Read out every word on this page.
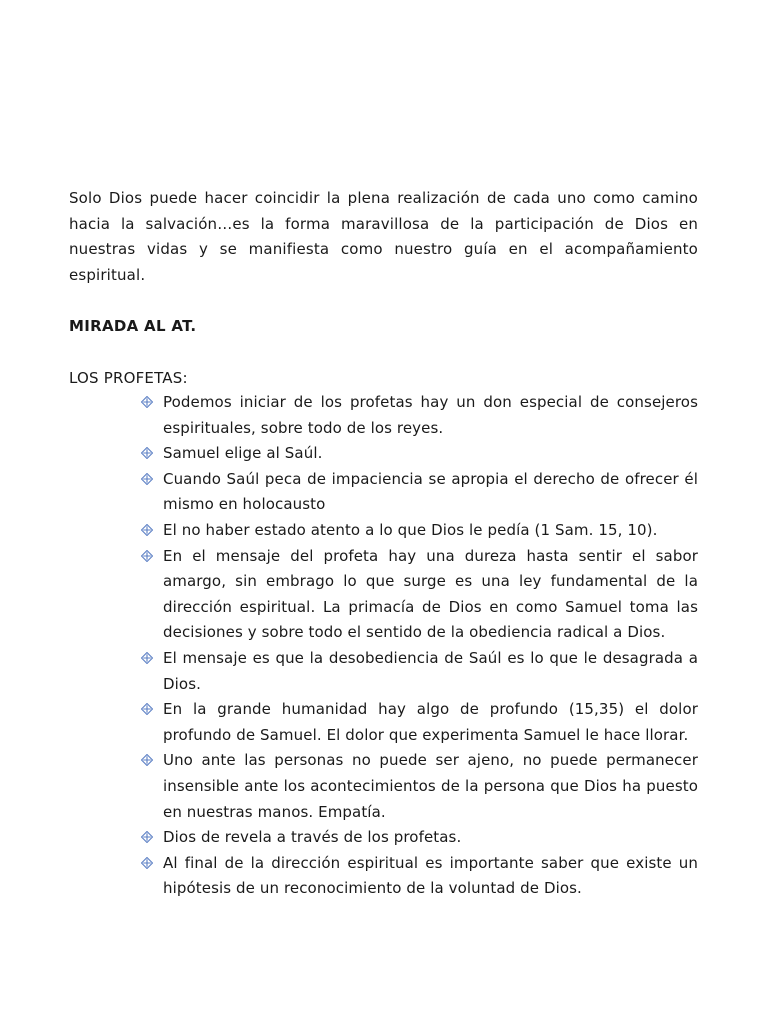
Solo Dios puede hacer coincidir la plena realización de cada uno como camino hacia la salvación…es la forma maravillosa de la participación de Dios en nuestras vidas y se manifiesta como nuestro guía en el acompañamiento espiritual.

MIRADA AL AT.

LOS PROFETAS:

Podemos iniciar de los profetas hay un don especial de consejeros espirituales, sobre todo de los reyes.
Samuel elige al Saúl.
Cuando Saúl peca de impaciencia se apropia el derecho de ofrecer él mismo en holocausto
El no haber estado atento a lo que Dios le pedía (1 Sam. 15, 10).
En el mensaje del profeta hay una dureza hasta sentir el sabor amargo, sin embrago lo que surge es una ley fundamental de la dirección espiritual. La primacía de Dios en como Samuel toma las decisiones y sobre todo el sentido de la obediencia radical a Dios.
El mensaje es que la desobediencia de Saúl es lo que le desagrada a Dios.
En la grande humanidad hay algo de profundo (15,35) el dolor profundo de Samuel. El dolor que experimenta Samuel le hace llorar.
Uno ante las personas no puede ser ajeno, no puede permanecer insensible ante los acontecimientos de la persona que Dios ha puesto en nuestras manos. Empatía.
Dios de revela a través de los profetas.
Al final de la dirección espiritual es importante saber que existe un hipótesis de un reconocimiento de la voluntad de Dios.
